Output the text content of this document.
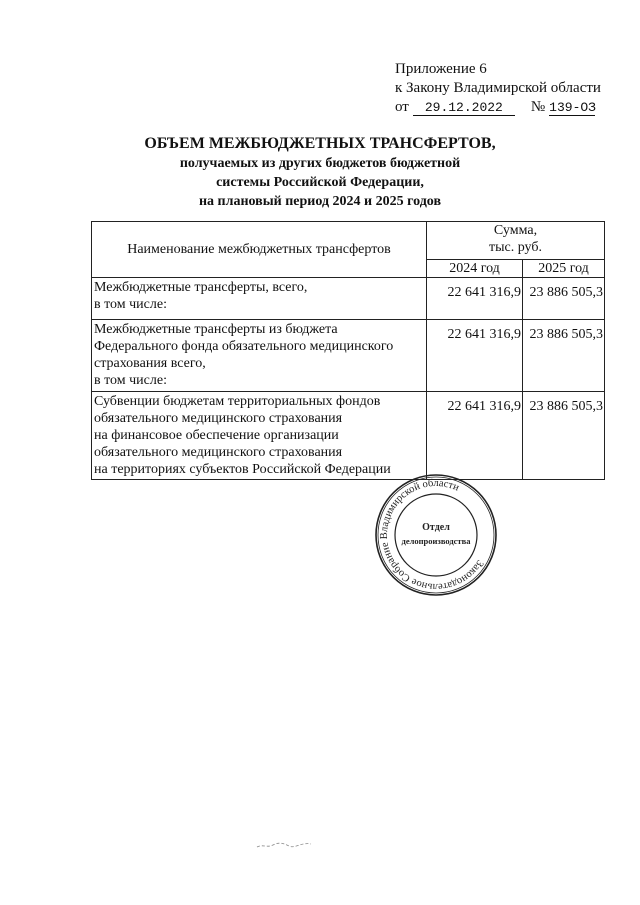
Приложение 6
к Закону Владимирской области
от 29.12.2022 № 139-ОЗ
ОБЪЕМ МЕЖБЮДЖЕТНЫХ ТРАНСФЕРТОВ,
получаемых из других бюджетов бюджетной
системы Российской Федерации,
на плановый период 2024 и 2025 годов
Наименование межбюджетных трансфертов	Сумма,
тыс. руб.	

	2024 год	2025 год

Межбюджетные трансферты, всего,
в том числе:	22 641 316,9	23 886 505,3

Межбюджетные трансферты из бюджета
Федерального фонда обязательного медицинского
страхования всего,
в том числе:	22 641 316,9	23 886 505,3

Субвенции бюджетам территориальных фондов
обязательного медицинского страхования
на финансовое обеспечение организации
обязательного медицинского страхования
на территориях субъектов Российской Федерации	22 641 316,9	23 886 505,3
Законодательное Собрание Владимирской области
Отдел
делопроизводства
